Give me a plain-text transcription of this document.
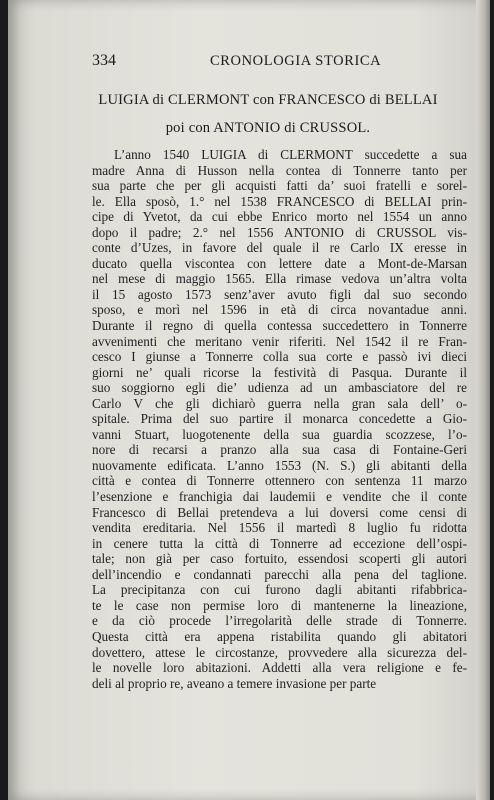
334	CRONOLOGIA STORICA
LUIGIA di CLERMONT con FRANCESCO di BELLAI
poi con ANTONIO di CRUSSOL.
L’anno 1540 LUIGIA di CLERMONT succedette a sua
madre Anna di Husson nella contea di Tonnerre tanto per
sua parte che per gli acquisti fatti da’ suoi fratelli e sorel-
le. Ella sposò, 1.° nel 1538 FRANCESCO di BELLAI prin-
cipe di Yvetot, da cui ebbe Enrico morto nel 1554 un anno
dopo il padre; 2.° nel 1556 ANTONIO di CRUSSOL vis-
conte d’Uzes, in favore del quale il re Carlo IX eresse in
ducato quella viscontea con lettere date a Mont-de-Marsan
nel mese di maggio 1565. Ella rimase vedova un’altra volta
il 15 agosto 1573 senz’aver avuto figli dal suo secondo
sposo, e morì nel 1596 in età di circa novantadue anni.
Durante il regno di quella contessa succedettero in Tonnerre
avvenimenti che meritano venir riferiti. Nel 1542 il re Fran-
cesco I giunse a Tonnerre colla sua corte e passò ivi dieci
giorni ne’ quali ricorse la festività di Pasqua. Durante il
suo soggiorno egli die’ udienza ad un ambasciatore del re
Carlo V che gli dichiarò guerra nella gran sala dell’ o-
spitale. Prima del suo partire il monarca concedette a Gio-
vanni Stuart, luogotenente della sua guardia scozzese, l’o-
nore di recarsi a pranzo alla sua casa di Fontaine-Geri
nuovamente edificata. L’anno 1553 (N. S.) gli abitanti della
città e contea di Tonnerre ottennero con sentenza 11 marzo
l’esenzione e franchigia dai laudemii e vendite che il conte
Francesco di Bellai pretendeva a lui doversi come censi di
vendita ereditaria. Nel 1556 il martedì 8 luglio fu ridotta
in cenere tutta la città di Tonnerre ad eccezione dell’ospi-
tale; non già per caso fortuito, essendosi scoperti gli autori
dell’incendio e condannati parecchi alla pena del taglione.
La precipitanza con cui furono dagli abitanti rifabbrica-
te le case non permise loro di mantenerne la lineazione,
e da ciò procede l’irregolarità delle strade di Tonnerre.
Questa città era appena ristabilita quando gli abitatori
dovettero, attese le circostanze, provvedere alla sicurezza del-
le novelle loro abitazioni. Addetti alla vera religione e fe-
deli al proprio re, aveano a temere invasione per parte
